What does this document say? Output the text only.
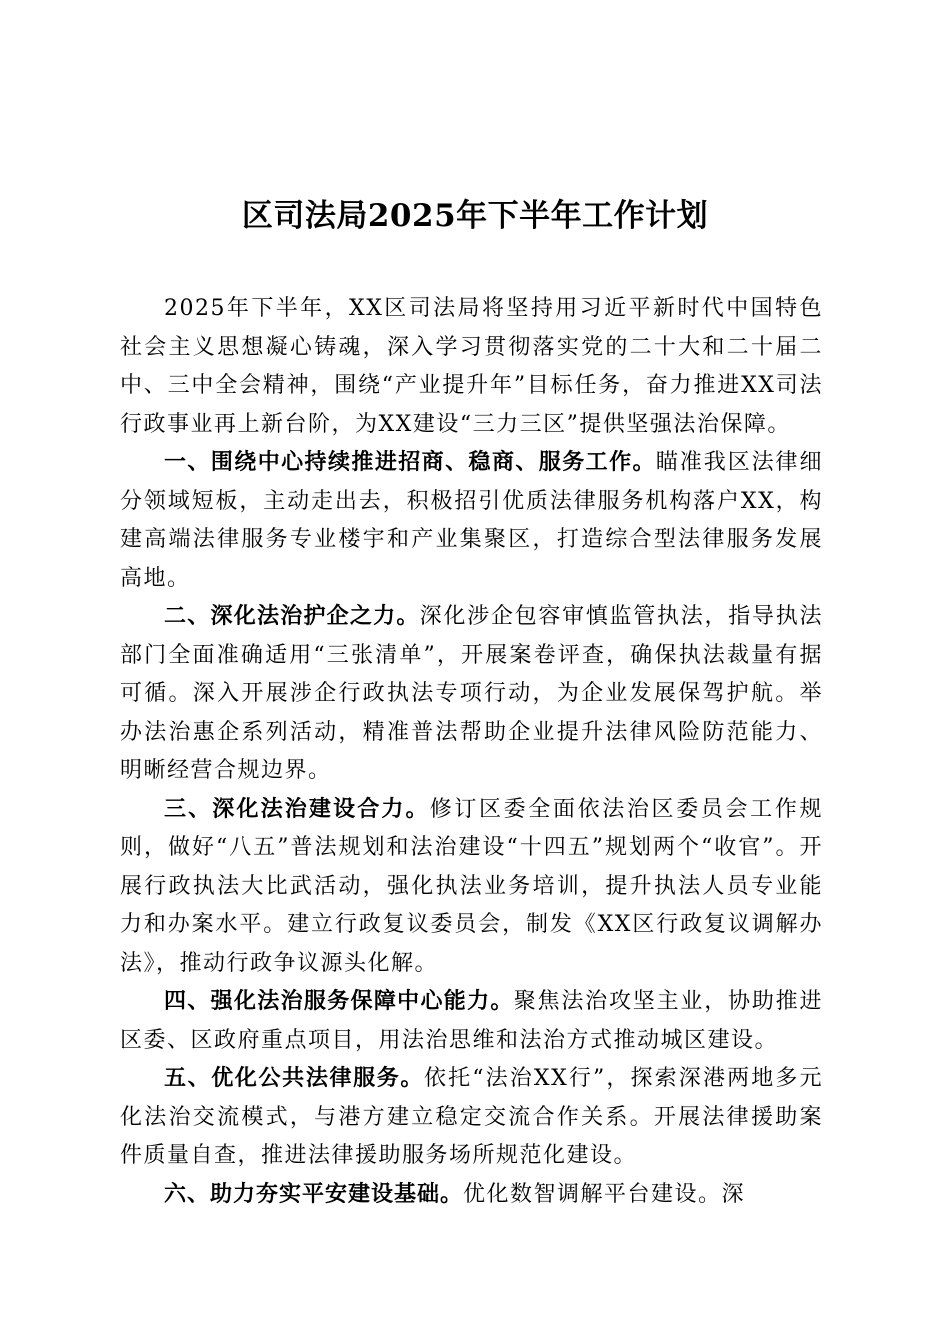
区司法局2025年下半年工作计划

2025年下半年，XX区司法局将坚持用习近平新时代中国特色社会主义思想凝心铸魂，深入学习贯彻落实党的二十大和二十届二中、三中全会精神，围绕“产业提升年”目标任务，奋力推进XX司法行政事业再上新台阶，为XX建设“三力三区”提供坚强法治保障。

一、围绕中心持续推进招商、稳商、服务工作。瞄准我区法律细分领域短板，主动走出去，积极招引优质法律服务机构落户XX，构建高端法律服务专业楼宇和产业集聚区，打造综合型法律服务发展高地。

二、深化法治护企之力。深化涉企包容审慎监管执法，指导执法部门全面准确适用“三张清单”，开展案卷评查，确保执法裁量有据可循。深入开展涉企行政执法专项行动，为企业发展保驾护航。举办法治惠企系列活动，精准普法帮助企业提升法律风险防范能力、明晰经营合规边界。

三、深化法治建设合力。修订区委全面依法治区委员会工作规则，做好“八五”普法规划和法治建设“十四五”规划两个“收官”。开展行政执法大比武活动，强化执法业务培训，提升执法人员专业能力和办案水平。建立行政复议委员会，制发《XX区行政复议调解办法》，推动行政争议源头化解。

四、强化法治服务保障中心能力。聚焦法治攻坚主业，协助推进区委、区政府重点项目，用法治思维和法治方式推动城区建设。

五、优化公共法律服务。依托“法治XX行”，探索深港两地多元化法治交流模式，与港方建立稳定交流合作关系。开展法律援助案件质量自查，推进法律援助服务场所规范化建设。

六、助力夯实平安建设基础。优化数智调解平台建设。深
